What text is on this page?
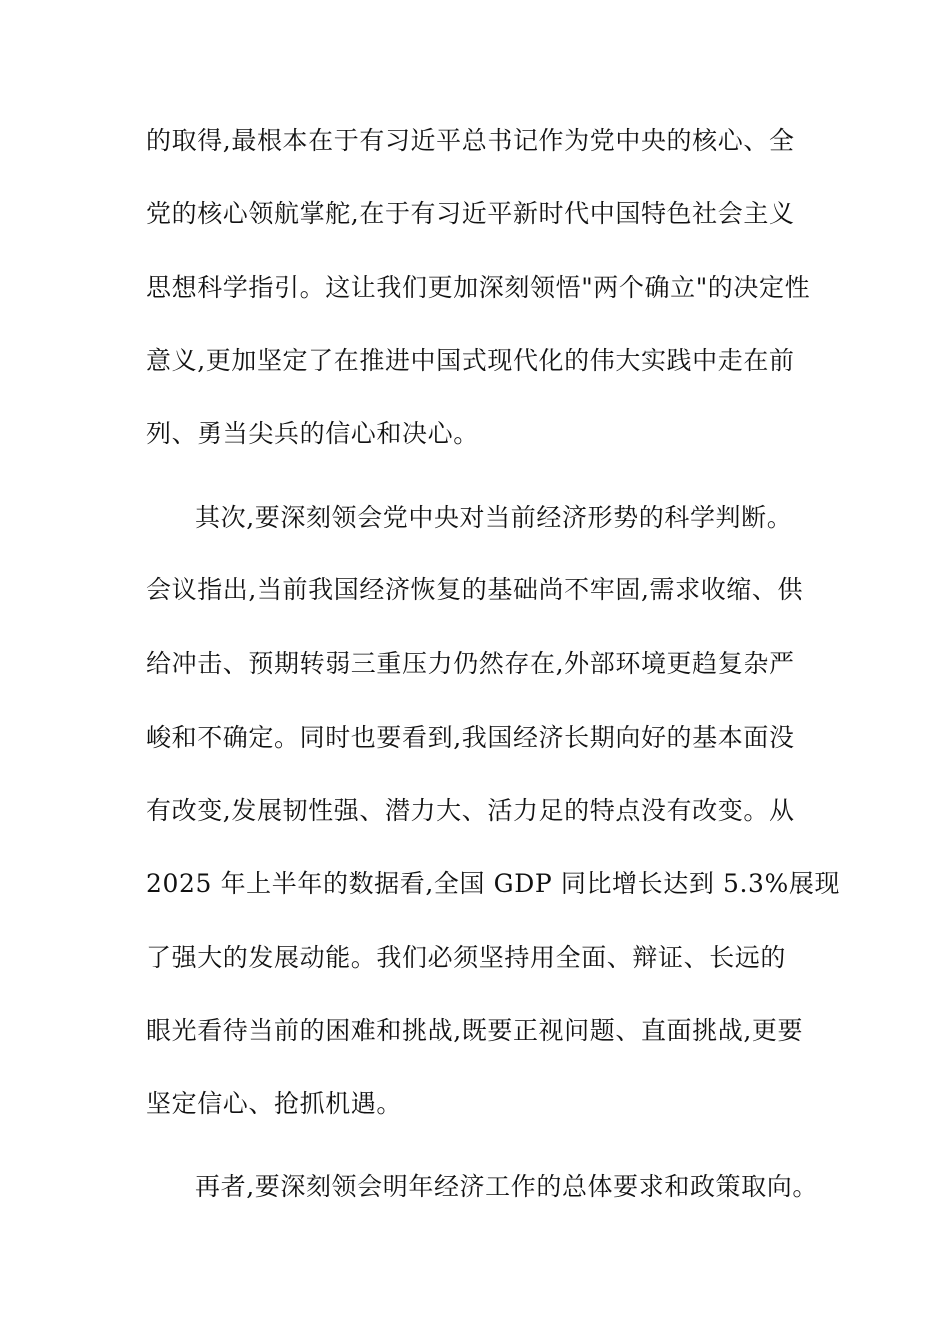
的取得,最根本在于有习近平总书记作为党中央的核心、全
党的核心领航掌舵,在于有习近平新时代中国特色社会主义
思想科学指引。这让我们更加深刻领悟"两个确立"的决定性
意义,更加坚定了在推进中国式现代化的伟大实践中走在前
列、勇当尖兵的信心和决心。
其次,要深刻领会党中央对当前经济形势的科学判断。
会议指出,当前我国经济恢复的基础尚不牢固,需求收缩、供
给冲击、预期转弱三重压力仍然存在,外部环境更趋复杂严
峻和不确定。同时也要看到,我国经济长期向好的基本面没
有改变,发展韧性强、潜力大、活力足的特点没有改变。从
2025 年上半年的数据看,全国 GDP 同比增长达到 5.3%展现
了强大的发展动能。我们必须坚持用全面、辩证、长远的
眼光看待当前的困难和挑战,既要正视问题、直面挑战,更要
坚定信心、抢抓机遇。
再者,要深刻领会明年经济工作的总体要求和政策取向。
